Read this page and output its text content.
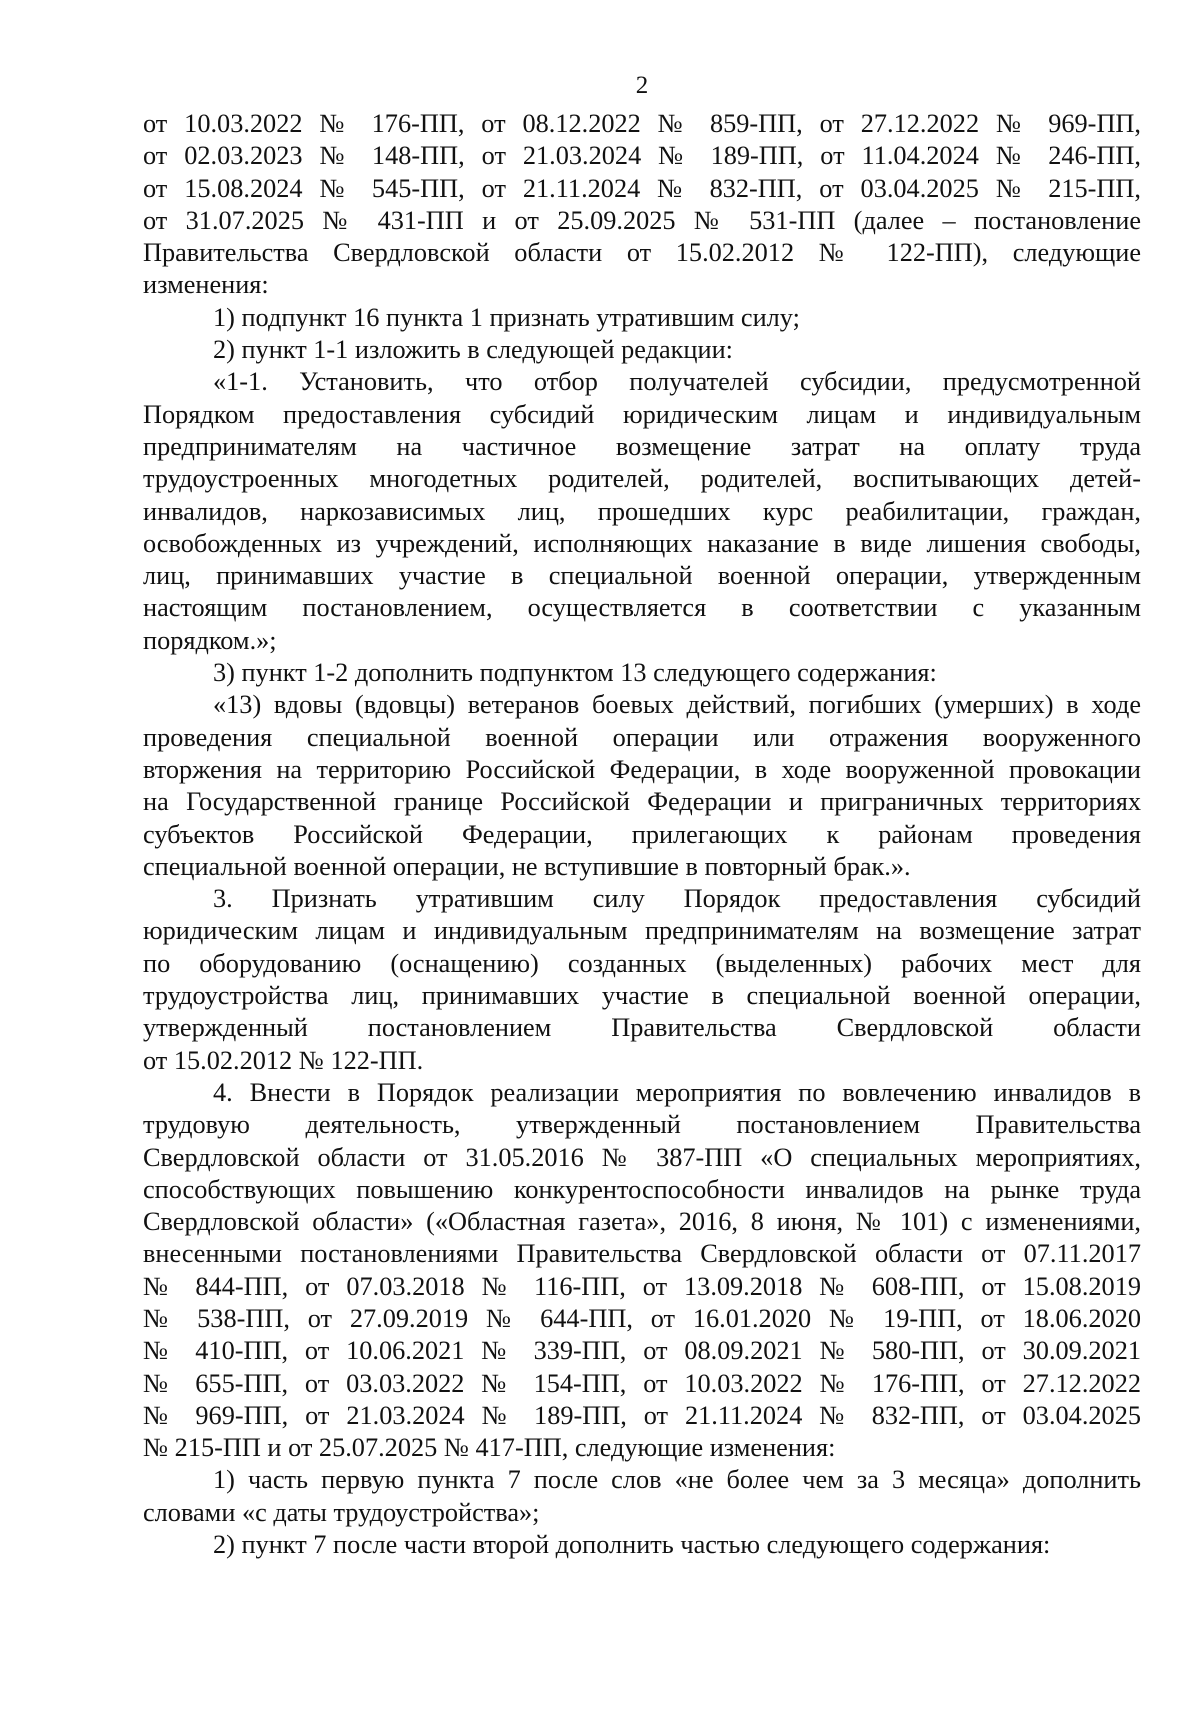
2
от 10.03.2022 № 176-ПП, от 08.12.2022 № 859-ПП, от 27.12.2022 № 969-ПП,
от 02.03.2023 № 148-ПП, от 21.03.2024 № 189-ПП, от 11.04.2024 № 246-ПП,
от 15.08.2024 № 545-ПП, от 21.11.2024 № 832-ПП, от 03.04.2025 № 215-ПП,
от 31.07.2025 № 431-ПП и от 25.09.2025 № 531-ПП (далее – постановление
Правительства Свердловской области от 15.02.2012 № 122-ПП), следующие
изменения:
1) подпункт 16 пункта 1 признать утратившим силу;
2) пункт 1-1 изложить в следующей редакции:
«1-1. Установить, что отбор получателей субсидии, предусмотренной
Порядком предоставления субсидий юридическим лицам и индивидуальным
предпринимателям на частичное возмещение затрат на оплату труда
трудоустроенных многодетных родителей, родителей, воспитывающих детей-
инвалидов, наркозависимых лиц, прошедших курс реабилитации, граждан,
освобожденных из учреждений, исполняющих наказание в виде лишения свободы,
лиц, принимавших участие в специальной военной операции, утвержденным
настоящим постановлением, осуществляется в соответствии с указанным
порядком.»;
3) пункт 1-2 дополнить подпунктом 13 следующего содержания:
«13) вдовы (вдовцы) ветеранов боевых действий, погибших (умерших) в ходе
проведения специальной военной операции или отражения вооруженного
вторжения на территорию Российской Федерации, в ходе вооруженной провокации
на Государственной границе Российской Федерации и приграничных территориях
субъектов Российской Федерации, прилегающих к районам проведения
специальной военной операции, не вступившие в повторный брак.».
3. Признать утратившим силу Порядок предоставления субсидий
юридическим лицам и индивидуальным предпринимателям на возмещение затрат
по оборудованию (оснащению) созданных (выделенных) рабочих мест для
трудоустройства лиц, принимавших участие в специальной военной операции,
утвержденный постановлением Правительства Свердловской области
от 15.02.2012 № 122-ПП.
4. Внести в Порядок реализации мероприятия по вовлечению инвалидов в
трудовую деятельность, утвержденный постановлением Правительства
Свердловской области от 31.05.2016 № 387-ПП «О специальных мероприятиях,
способствующих повышению конкурентоспособности инвалидов на рынке труда
Свердловской области» («Областная газета», 2016, 8 июня, № 101) с изменениями,
внесенными постановлениями Правительства Свердловской области от 07.11.2017
№ 844-ПП, от 07.03.2018 № 116-ПП, от 13.09.2018 № 608-ПП, от 15.08.2019
№ 538-ПП, от 27.09.2019 № 644-ПП, от 16.01.2020 № 19-ПП, от 18.06.2020
№ 410-ПП, от 10.06.2021 № 339-ПП, от 08.09.2021 № 580-ПП, от 30.09.2021
№ 655-ПП, от 03.03.2022 № 154-ПП, от 10.03.2022 № 176-ПП, от 27.12.2022
№ 969-ПП, от 21.03.2024 № 189-ПП, от 21.11.2024 № 832-ПП, от 03.04.2025
№ 215-ПП и от 25.07.2025 № 417-ПП, следующие изменения:
1) часть первую пункта 7 после слов «не более чем за 3 месяца» дополнить
словами «с даты трудоустройства»;
2) пункт 7 после части второй дополнить частью следующего содержания:
